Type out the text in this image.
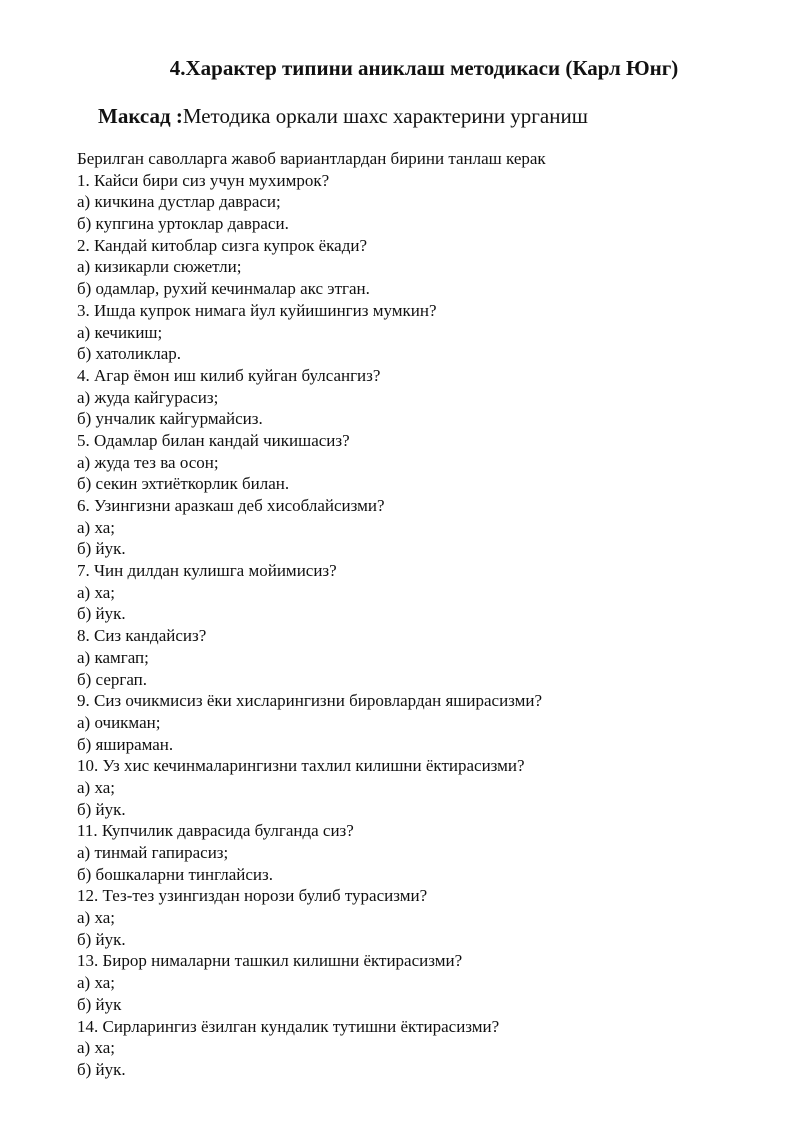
4.Характер типини аниклаш методикаси (Карл Юнг)
Максад :Методика оркали шахс характерини урганиш
Берилган саволларга жавоб вариантлардан бирини танлаш керак
1. Кайси бири сиз учун мухимрок?
а) кичкина дустлар давраси;
б) купгина уртоклар давраси.
2. Кандай китоблар сизга купрок ёкади?
а) кизикарли сюжетли;
б) одамлар, рухий кечинмалар акс этган.
3. Ишда купрок нимага йул куйишингиз мумкин?
а) кечикиш;
б) хатоликлар.
4. Агар ёмон иш килиб куйган булсангиз?
а) жуда кайгурасиз;
б) унчалик кайгурмайсиз.
5. Одамлар билан кандай чикишасиз?
а) жуда тез ва осон;
б) секин эхтиёткорлик билан.
6. Узингизни аразкаш деб хисоблайсизми?
а) ха;
б) йук.
7. Чин дилдан кулишга мойимисиз?
а) ха;
б) йук.
8. Сиз кандайсиз?
а) камгап;
б) сергап.
9. Сиз очикмисиз ёки хисларингизни бировлардан яширасизми?
а) очикман;
б) яшираман.
10. Уз хис кечинмаларингизни тахлил килишни ёктирасизми?
а) ха;
б) йук.
11. Купчилик даврасида булганда сиз?
а) тинмай гапирасиз;
б) бошкаларни тинглайсиз.
12. Тез-тез узингиздан норози булиб турасизми?
а) ха;
б) йук.
13. Бирор нималарни ташкил килишни ёктирасизми?
а) ха;
б) йук
14. Сирларингиз ёзилган кундалик тутишни ёктирасизми?
а) ха;
б) йук.
